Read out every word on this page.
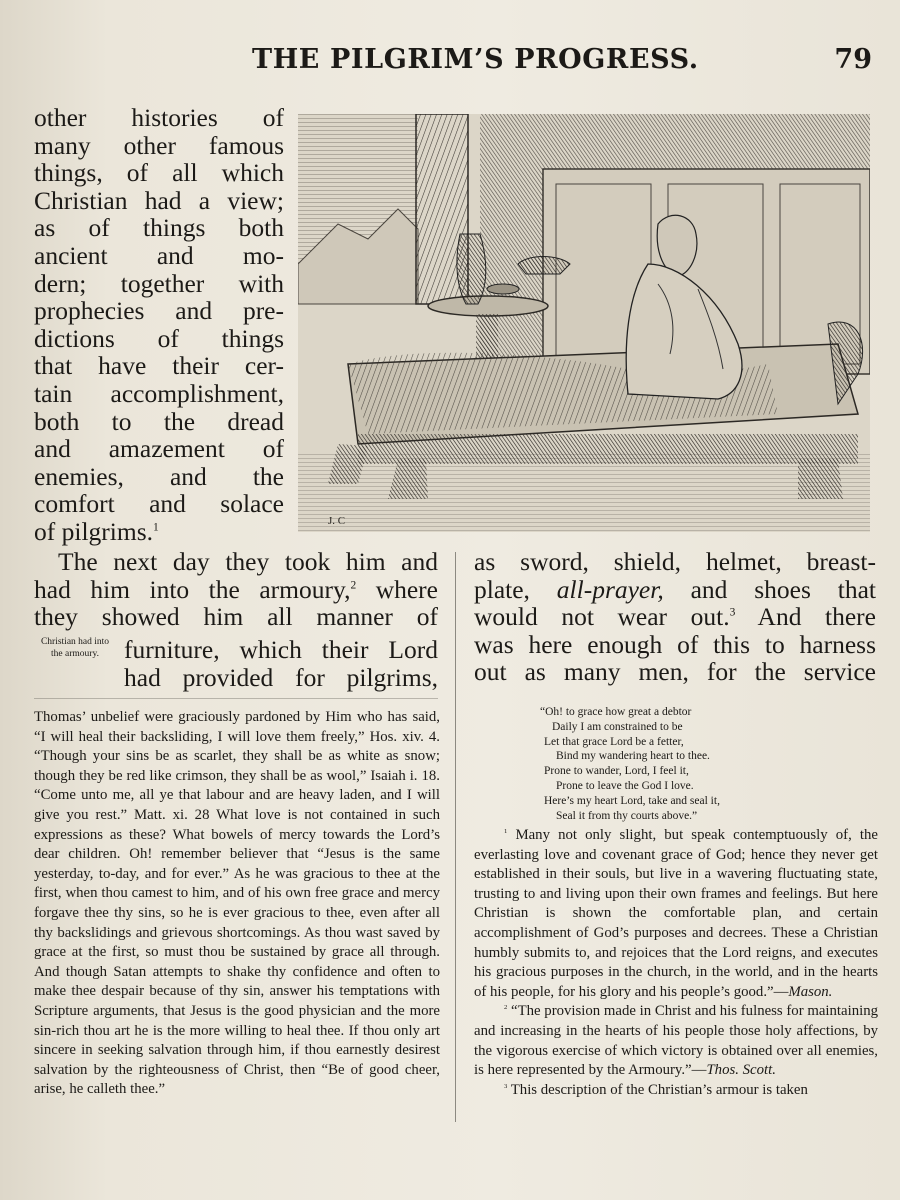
THE PILGRIM’S PROGRESS.	79

other histories of

many other famous

things, of all which

Christian had a view;

as of things both

ancient and mo-

dern; together with

prophecies and pre-

dictions of things

that have their cer-

tain accomplishment,

both to the dread

and amazement of

enemies, and the

comfort and solace

of pilgrims.$^1$

J. C
The next day they took him and
had him into the armoury,$^2$ where
they showed him all manner of
Christian had into the armoury. furniture, which their Lord
had provided for pilgrims,
as sword, shield, helmet, breast-
plate, all-prayer, and shoes that
would not wear out.$^3$ And there
was here enough of this to harness
out as many men, for the service
Thomas’ unbelief were graciously pardoned by Him who has said, “I will heal their backsliding, I will love them freely,” Hos. xiv. 4. “Though your sins be as scarlet, they shall be as white as snow; though they be red like crimson, they shall be as wool,” Isaiah i. 18. “Come unto me, all ye that labour and are heavy laden, and I will give you rest.” Matt. xi. 28 What love is not contained in such expressions as these? What bowels of mercy towards the Lord’s dear children. Oh! remember believer that “Jesus is the same yesterday, to-day, and for ever.” As he was gracious to thee at the first, when thou camest to him, and of his own free grace and mercy forgave thee thy sins, so he is ever gracious to thee, even after all thy backslidings and grievous shortcomings. As thou wast saved by grace at the first, so must thou be sustained by grace all through. And though Satan attempts to shake thy confidence and often to make thee despair because of thy sin, answer his temptations with Scripture arguments, that Jesus is the good physician and the more sin-rich thou art he is the more willing to heal thee. If thou only art sincere in seeking salvation through him, if thou earnestly desirest salvation by the righteousness of Christ, then “Be of good cheer, arise, he calleth thee.”
“Oh! to grace how great a debtor
Daily I am constrained to be
Let that grace Lord be a fetter,
Bind my wandering heart to thee.
Prone to wander, Lord, I feel it,
Prone to leave the God I love.
Here’s my heart Lord, take and seal it,
Seal it from thy courts above.”

$^1$ Many not only slight, but speak contemptuously of, the everlasting love and covenant grace of God; hence they never get established in their souls, but live in a wavering fluctuating state, trusting to and living upon their own frames and feelings. But here Christian is shown the comfortable plan, and certain accomplishment of God’s purposes and decrees. These a Christian humbly submits to, and rejoices that the Lord reigns, and executes his gracious purposes in the church, in the world, and in the hearts of his people, for his glory and his people’s good.”—Mason.

$^2$ “The provision made in Christ and his fulness for maintaining and increasing in the hearts of his people those holy affections, by the vigorous exercise of which victory is obtained over all enemies, is here represented by the Armoury.”—Thos. Scott.

$^3$ This description of the Christian’s armour is taken
